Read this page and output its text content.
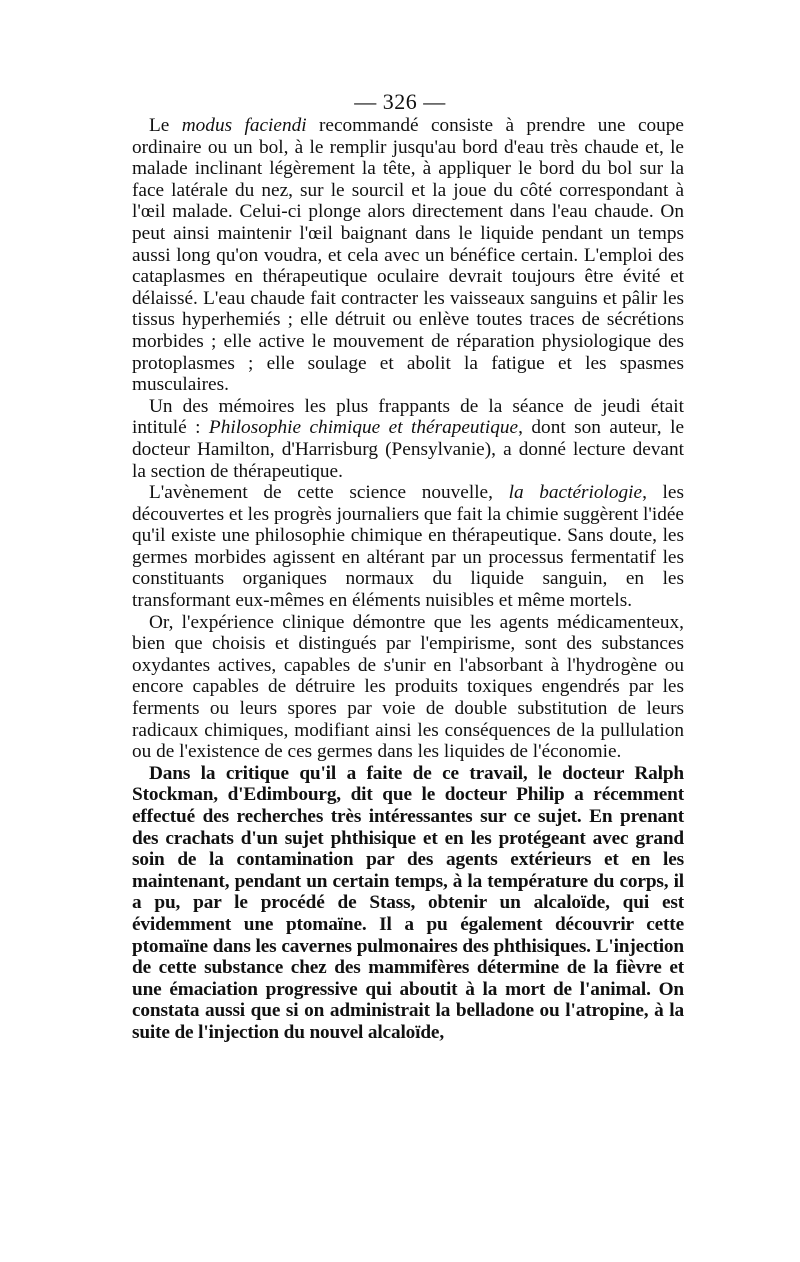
— 326 —

Le modus faciendi recommandé consiste à prendre une coupe ordinaire ou un bol, à le remplir jusqu'au bord d'eau très chaude et, le malade inclinant légèrement la tête, à appliquer le bord du bol sur la face latérale du nez, sur le sourcil et la joue du côté correspondant à l'œil malade. Celui-ci plonge alors directement dans l'eau chaude. On peut ainsi maintenir l'œil baignant dans le liquide pendant un temps aussi long qu'on voudra, et cela avec un bénéfice certain. L'emploi des cataplasmes en thérapeutique oculaire devrait toujours être évité et délaissé. L'eau chaude fait contracter les vaisseaux sanguins et pâlir les tissus hyperhemiés ; elle détruit ou enlève toutes traces de sécrétions morbides ; elle active le mouvement de réparation physiologique des protoplasmes ; elle soulage et abolit la fatigue et les spasmes musculaires.

Un des mémoires les plus frappants de la séance de jeudi était intitulé : Philosophie chimique et thérapeutique, dont son auteur, le docteur Hamilton, d'Harrisburg (Pensylvanie), a donné lecture devant la section de thérapeutique.

L'avènement de cette science nouvelle, la bactériologie, les découvertes et les progrès journaliers que fait la chimie suggèrent l'idée qu'il existe une philosophie chimique en thérapeutique. Sans doute, les germes morbides agissent en altérant par un processus fermentatif les constituants organiques normaux du liquide sanguin, en les transformant eux-mêmes en éléments nuisibles et même mortels.

Or, l'expérience clinique démontre que les agents médicamenteux, bien que choisis et distingués par l'empirisme, sont des substances oxydantes actives, capables de s'unir en l'absorbant à l'hydrogène ou encore capables de détruire les produits toxiques engendrés par les ferments ou leurs spores par voie de double substitution de leurs radicaux chimiques, modifiant ainsi les conséquences de la pullulation ou de l'existence de ces germes dans les liquides de l'économie.

Dans la critique qu'il a faite de ce travail, le docteur Ralph Stockman, d'Edimbourg, dit que le docteur Philip a récemment effectué des recherches très intéressantes sur ce sujet. En prenant des crachats d'un sujet phthisique et en les protégeant avec grand soin de la contamination par des agents extérieurs et en les maintenant, pendant un certain temps, à la température du corps, il a pu, par le procédé de Stass, obtenir un alcaloïde, qui est évidemment une ptomaïne. Il a pu également découvrir cette ptomaïne dans les cavernes pulmonaires des phthisiques. L'injection de cette substance chez des mammifères détermine de la fièvre et une émaciation progressive qui aboutit à la mort de l'animal. On constata aussi que si on administrait la belladone ou l'atropine, à la suite de l'injection du nouvel alcaloïde,
